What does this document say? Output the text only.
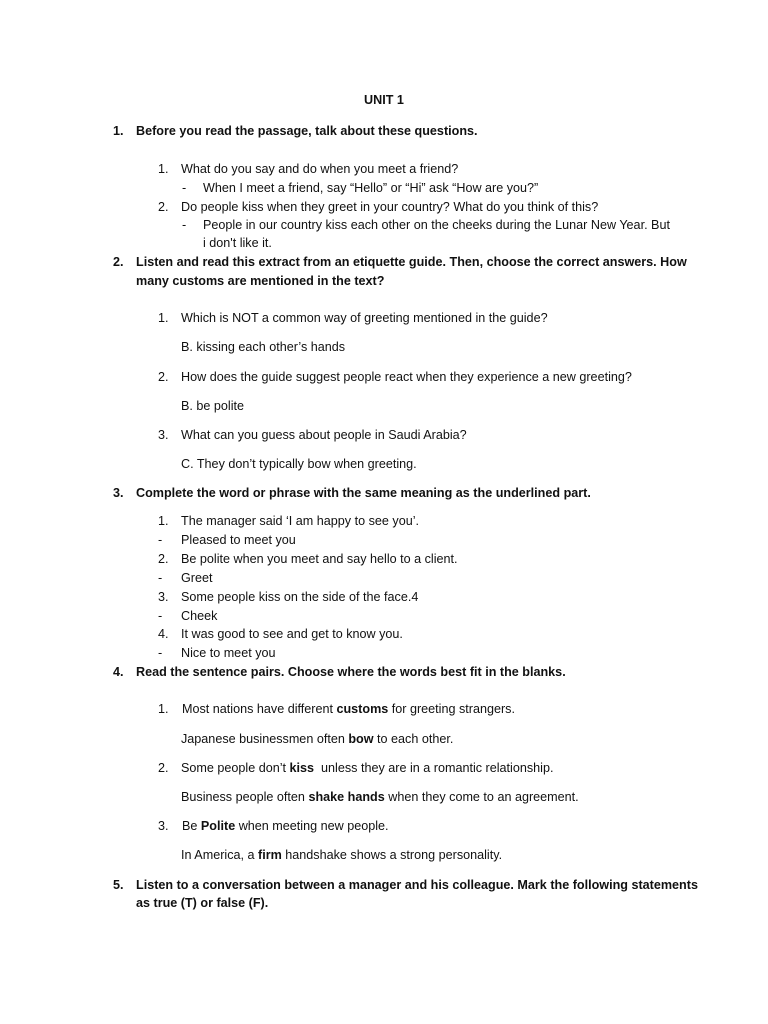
UNIT 1
1. Before you read the passage, talk about these questions.
1. What do you say and do when you meet a friend?
- When I meet a friend, say “Hello” or “Hi” ask “How are you?”
2. Do people kiss when they greet in your country? What do you think of this?
- People in our country kiss each other on the cheeks during the Lunar New Year. But
i don't like it.
2. Listen and read this extract from an etiquette guide. Then, choose the correct answers. How
many customs are mentioned in the text?
1. Which is NOT a common way of greeting mentioned in the guide?
B. kissing each other’s hands
2. How does the guide suggest people react when they experience a new greeting?
B. be polite
3. What can you guess about people in Saudi Arabia?
C. They don’t typically bow when greeting.
3. Complete the word or phrase with the same meaning as the underlined part.
1. The manager said ‘I am happy to see you’.
- Pleased to meet you
2. Be polite when you meet and say hello to a client.
- Greet
3. Some people kiss on the side of the face.4
- Cheek
4. It was good to see and get to know you.
- Nice to meet you
4. Read the sentence pairs. Choose where the words best fit in the blanks.
1. Most nations have different customs for greeting strangers.
Japanese businessmen often bow to each other.
2. Some people don’t kiss  unless they are in a romantic relationship.
Business people often shake hands when they come to an agreement.
3. Be Polite when meeting new people.
In America, a firm handshake shows a strong personality.
5. Listen to a conversation between a manager and his colleague. Mark the following statements
as true (T) or false (F).
